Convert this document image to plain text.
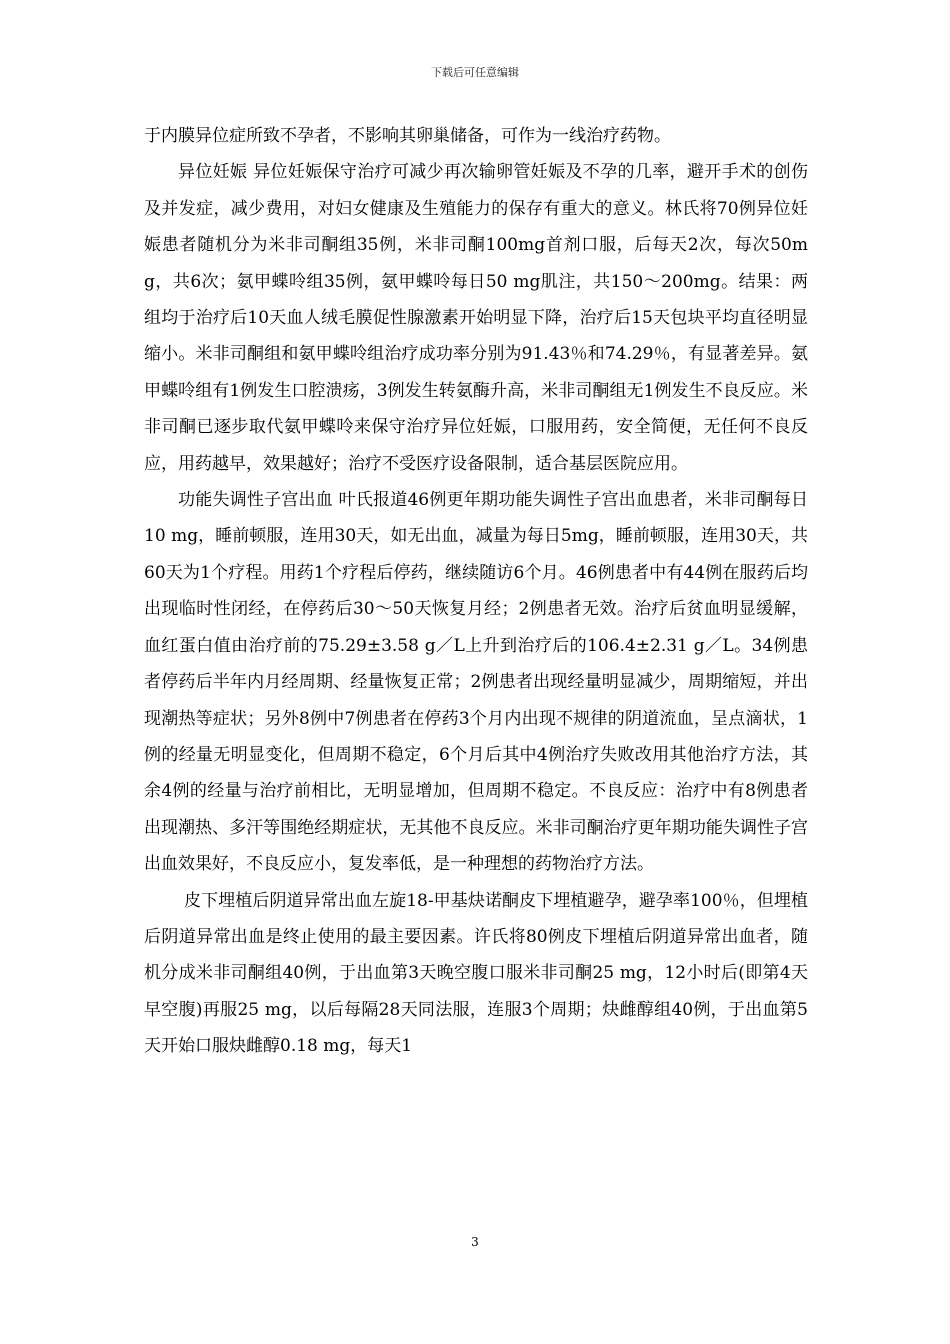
下载后可任意编辑

于内膜异位症所致不孕者，不影响其卵巢储备，可作为一线治疗药物。

异位妊娠 异位妊娠保守治疗可减少再次输卵管妊娠及不孕的几率，避开手术的创伤及并发症，减少费用，对妇女健康及生殖能力的保存有重大的意义。林氏将70例异位妊娠患者随机分为米非司酮组35例，米非司酮100mg首剂口服，后每天2次，每次50mg，共6次；氨甲蝶呤组35例，氨甲蝶呤每日50 mg肌注，共150～200mg。结果：两组均于治疗后10天血人绒毛膜促性腺激素开始明显下降，治疗后15天包块平均直径明显缩小。米非司酮组和氨甲蝶呤组治疗成功率分别为91.43％和74.29％，有显著差异。氨甲蝶呤组有1例发生口腔溃疡，3例发生转氨酶升高，米非司酮组无1例发生不良反应。米非司酮已逐步取代氨甲蝶呤来保守治疗异位妊娠，口服用药，安全简便，无任何不良反应，用药越早，效果越好；治疗不受医疗设备限制，适合基层医院应用。

功能失调性子宫出血 叶氏报道46例更年期功能失调性子宫出血患者，米非司酮每日10 mg，睡前顿服，连用30天，如无出血，减量为每日5mg，睡前顿服，连用30天，共60天为1个疗程。用药1个疗程后停药，继续随访6个月。46例患者中有44例在服药后均出现临时性闭经，在停药后30～50天恢复月经；2例患者无效。治疗后贫血明显缓解，血红蛋白值由治疗前的75.29±3.58 g／L上升到治疗后的106.4±2.31 g／L。34例患者停药后半年内月经周期、经量恢复正常；2例患者出现经量明显减少，周期缩短，并出现潮热等症状；另外8例中7例患者在停药3个月内出现不规律的阴道流血，呈点滴状，1例的经量无明显变化，但周期不稳定，6个月后其中4例治疗失败改用其他治疗方法，其余4例的经量与治疗前相比，无明显增加，但周期不稳定。不良反应：治疗中有8例患者出现潮热、多汗等围绝经期症状，无其他不良反应。米非司酮治疗更年期功能失调性子宫出血效果好，不良反应小，复发率低，是一种理想的药物治疗方法。

皮下埋植后阴道异常出血左旋18-甲基炔诺酮皮下埋植避孕，避孕率100％，但埋植后阴道异常出血是终止使用的最主要因素。许氏将80例皮下埋植后阴道异常出血者，随机分成米非司酮组40例，于出血第3天晚空腹口服米非司酮25 mg，12小时后(即第4天早空腹)再服25 mg，以后每隔28天同法服，连服3个周期；炔雌醇组40例，于出血第5天开始口服炔雌醇0.18 mg，每天1

3
